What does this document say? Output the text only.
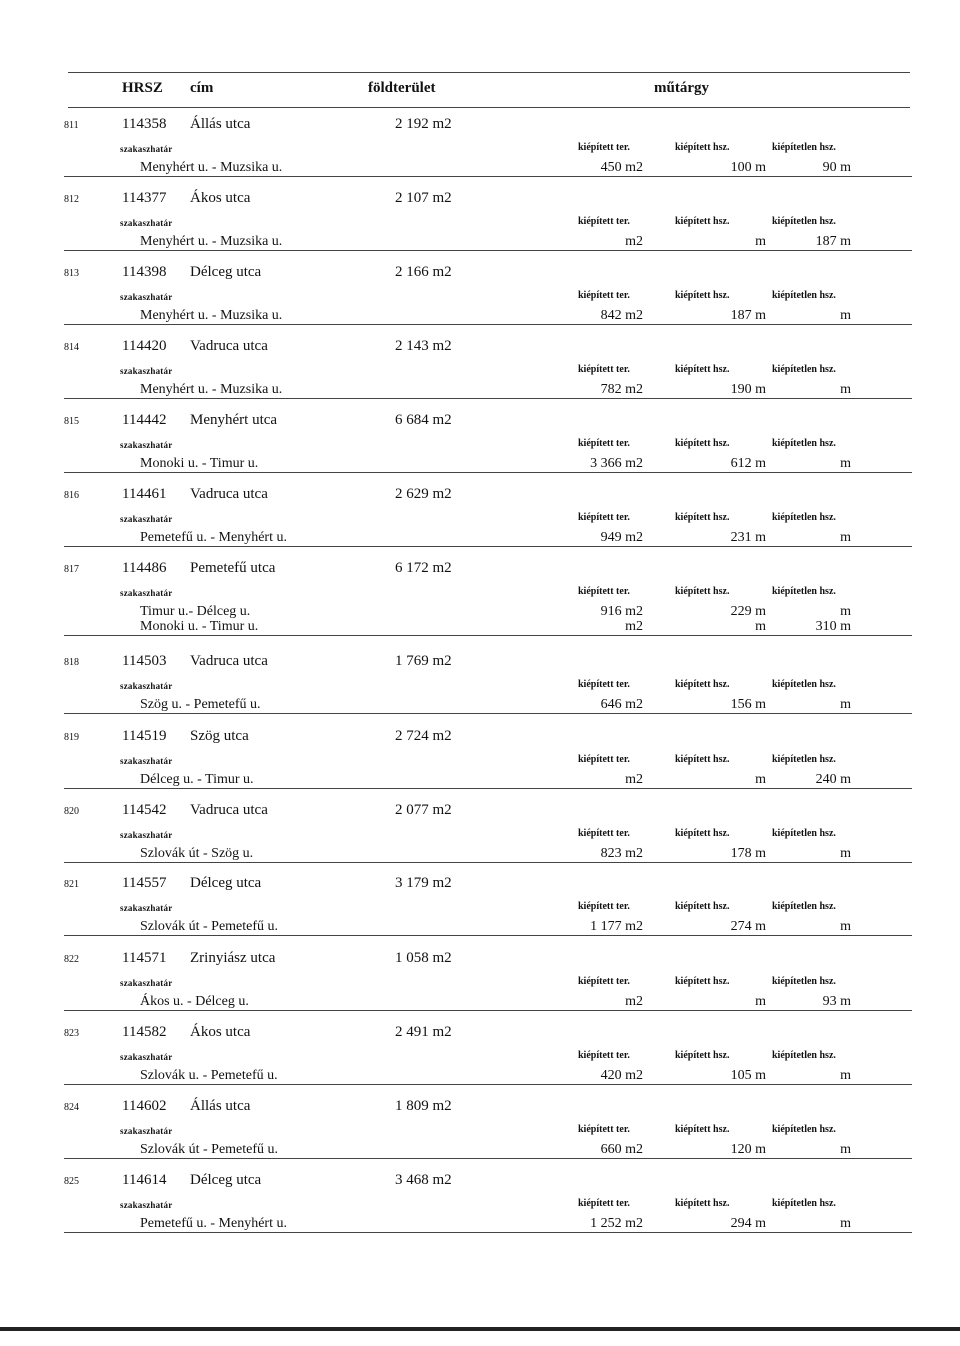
HRSZ cím	földterület	műtárgy
811	114358 Állás utca	2 192 m2
szakaszhatár	kiépített ter.	kiépített hsz.	kiépítetlen hsz.
Menyhért u. - Muzsika u.	450 m2	100 m	90 m
812	114377 Ákos utca	2 107 m2
szakaszhatár	kiépített ter.	kiépített hsz.	kiépítetlen hsz.
Menyhért u. - Muzsika u.	m2	m	187 m
813	114398 Délceg utca	2 166 m2
szakaszhatár	kiépített ter.	kiépített hsz.	kiépítetlen hsz.
Menyhért u. - Muzsika u.	842 m2	187 m	m
814	114420 Vadruca utca	2 143 m2
szakaszhatár	kiépített ter.	kiépített hsz.	kiépítetlen hsz.
Menyhért u. - Muzsika u.	782 m2	190 m	m
815	114442 Menyhért utca	6 684 m2
szakaszhatár	kiépített ter.	kiépített hsz.	kiépítetlen hsz.
Monoki u. - Timur u.	3 366 m2	612 m	m
816	114461 Vadruca utca	2 629 m2
szakaszhatár	kiépített ter.	kiépített hsz.	kiépítetlen hsz.
Pemetefű u. - Menyhért u.	949 m2	231 m	m
817	114486 Pemetefű utca	6 172 m2
szakaszhatár	kiépített ter.	kiépített hsz.	kiépítetlen hsz.
Timur u.- Délceg u.	916 m2	229 m	m
Monoki u. - Timur u.	m2	m	310 m
818	114503 Vadruca utca	1 769 m2
szakaszhatár	kiépített ter.	kiépített hsz.	kiépítetlen hsz.
Szög u. - Pemetefű u.	646 m2	156 m	m
819	114519 Szög utca	2 724 m2
szakaszhatár	kiépített ter.	kiépített hsz.	kiépítetlen hsz.
Délceg u. - Timur u.	m2	m	240 m
820	114542 Vadruca utca	2 077 m2
szakaszhatár	kiépített ter.	kiépített hsz.	kiépítetlen hsz.
Szlovák út - Szög u.	823 m2	178 m	m
821	114557 Délceg utca	3 179 m2
szakaszhatár	kiépített ter.	kiépített hsz.	kiépítetlen hsz.
Szlovák út - Pemetefű u.	1 177 m2	274 m	m
822	114571 Zrinyiász utca	1 058 m2
szakaszhatár	kiépített ter.	kiépített hsz.	kiépítetlen hsz.
Ákos u. - Délceg u.	m2	m	93 m
823	114582 Ákos utca	2 491 m2
szakaszhatár	kiépített ter.	kiépített hsz.	kiépítetlen hsz.
Szlovák u. - Pemetefű u.	420 m2	105 m	m
824	114602 Állás utca	1 809 m2
szakaszhatár	kiépített ter.	kiépített hsz.	kiépítetlen hsz.
Szlovák út - Pemetefű u.	660 m2	120 m	m
825	114614 Délceg utca	3 468 m2
szakaszhatár	kiépített ter.	kiépített hsz.	kiépítetlen hsz.
Pemetefű u. - Menyhért u.	1 252 m2	294 m	m
